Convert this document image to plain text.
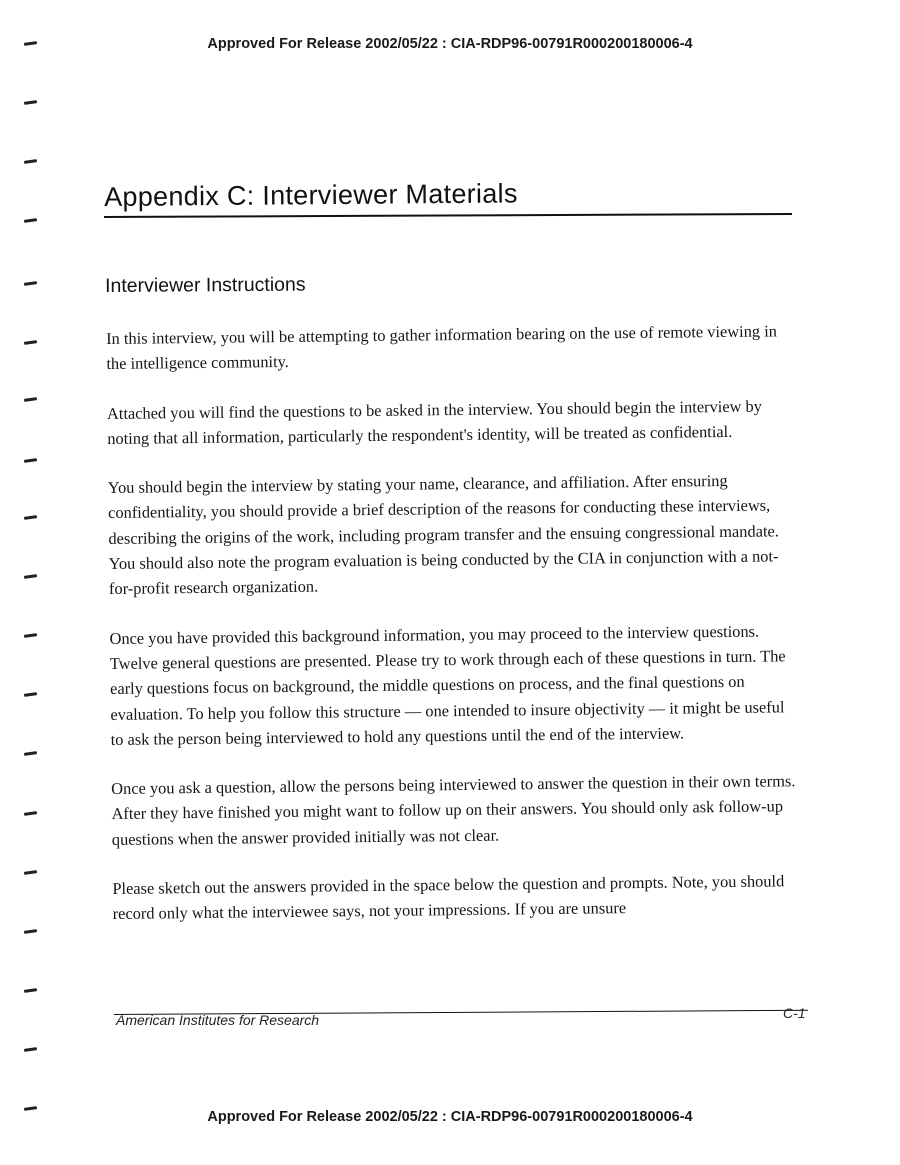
Approved For Release 2002/05/22 : CIA-RDP96-00791R000200180006-4
Appendix C: Interviewer Materials
Interviewer Instructions

In this interview, you will be attempting to gather information bearing on the use of remote viewing in the intelligence community.

Attached you will find the questions to be asked in the interview. You should begin the interview by noting that all information, particularly the respondent's identity, will be treated as confidential.

You should begin the interview by stating your name, clearance, and affiliation. After ensuring confidentiality, you should provide a brief description of the reasons for conducting these interviews, describing the origins of the work, including program transfer and the ensuing congressional mandate. You should also note the program evaluation is being conducted by the CIA in conjunction with a not-for-profit research organization.

Once you have provided this background information, you may proceed to the interview questions. Twelve general questions are presented. Please try to work through each of these questions in turn. The early questions focus on background, the middle questions on process, and the final questions on evaluation. To help you follow this structure — one intended to insure objectivity — it might be useful to ask the person being interviewed to hold any questions until the end of the interview.

Once you ask a question, allow the persons being interviewed to answer the question in their own terms. After they have finished you might want to follow up on their answers. You should only ask follow-up questions when the answer provided initially was not clear.

Please sketch out the answers provided in the space below the question and prompts. Note, you should record only what the interviewee says, not your impressions. If you are unsure

American Institutes for Research	C-1
Approved For Release 2002/05/22 : CIA-RDP96-00791R000200180006-4
